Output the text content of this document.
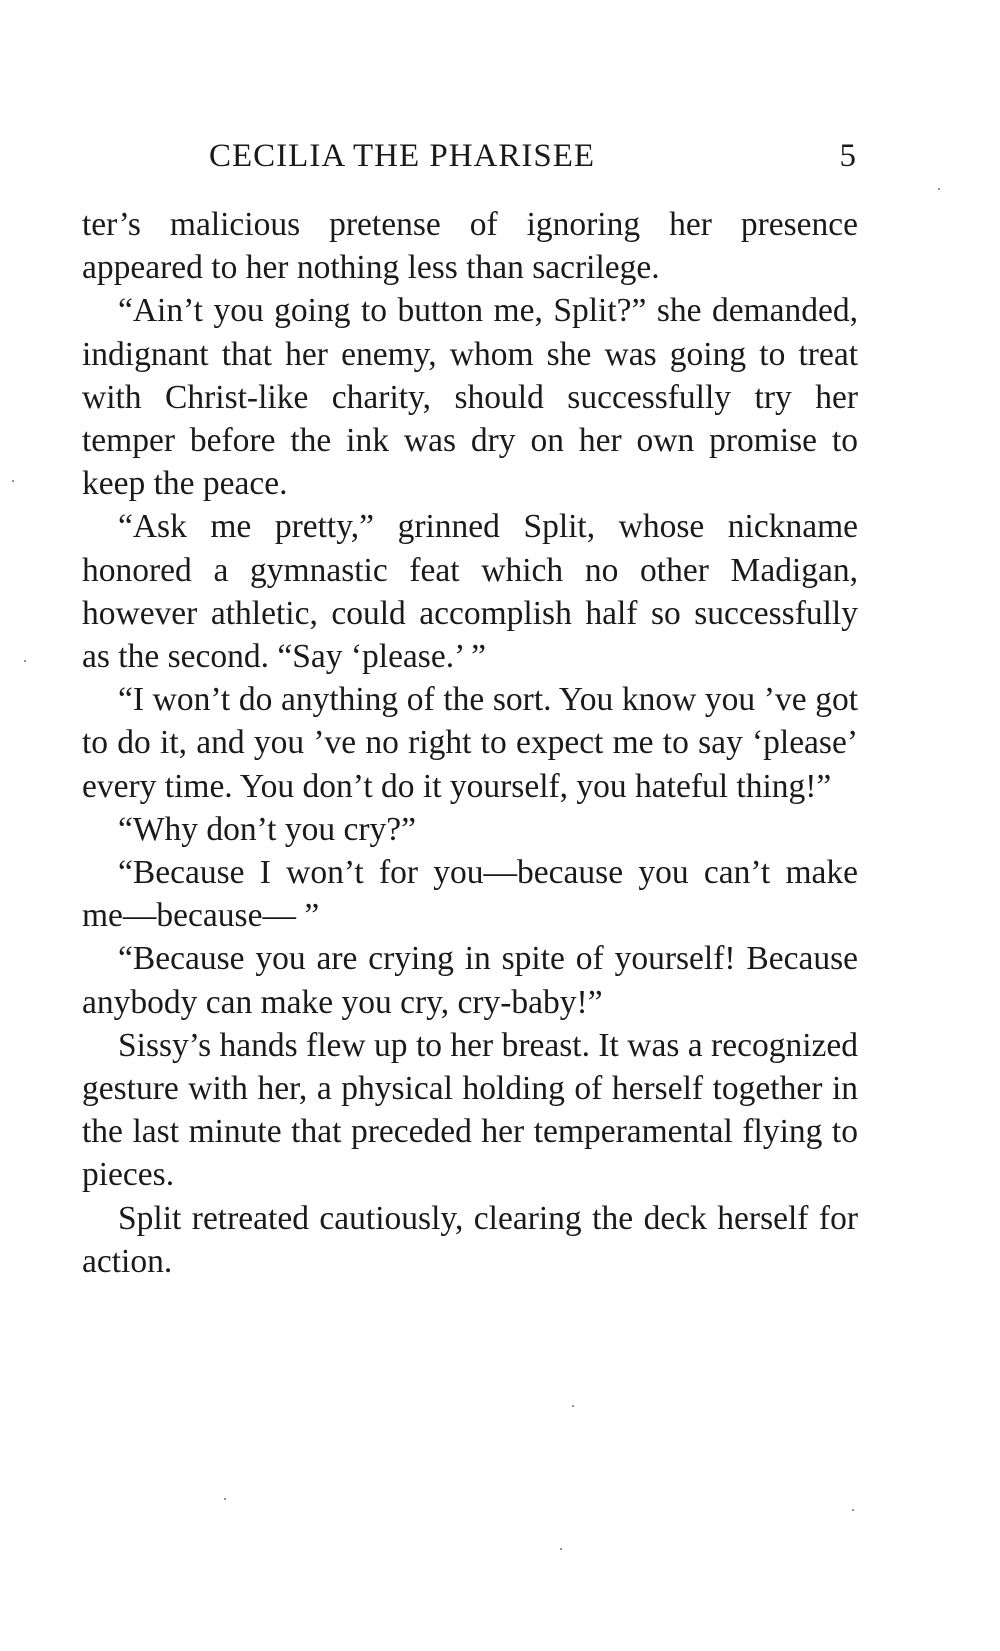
CECILIA THE PHARISEE	5

ter’s malicious pretense of ignoring her presence appeared to her nothing less than sacrilege.

“Ain’t you going to button me, Split?” she demanded, indignant that her enemy, whom she was going to treat with Christ-like charity, should successfully try her temper before the ink was dry on her own promise to keep the peace.

“Ask me pretty,” grinned Split, whose nickname honored a gymnastic feat which no other Madigan, however athletic, could accomplish half so successfully as the second. “Say ‘please.’ ”

“I won’t do anything of the sort. You know you ’ve got to do it, and you ’ve no right to expect me to say ‘please’ every time. You don’t do it yourself, you hateful thing!”

“Why don’t you cry?”

“Because I won’t for you—because you can’t make me—because— ”

“Because you are crying in spite of yourself! Because anybody can make you cry, cry-baby!”

Sissy’s hands flew up to her breast. It was a recognized gesture with her, a physical holding of herself together in the last minute that preceded her temperamental flying to pieces.

Split retreated cautiously, clearing the deck herself for action.
